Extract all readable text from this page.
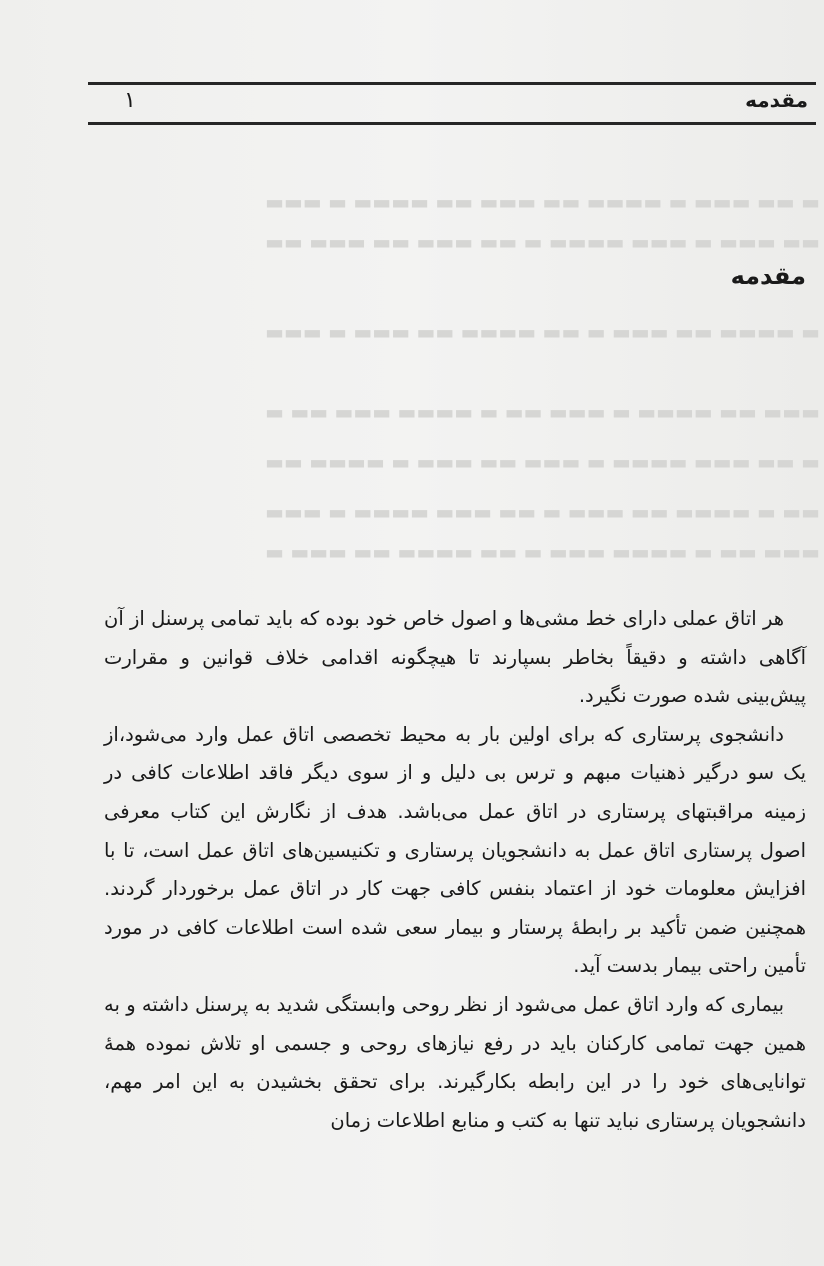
مقدمه
۱
▬ ▬▬ ▬▬▬ ▬ ▬▬▬▬ ▬▬ ▬▬▬ ▬▬ ▬▬▬▬ ▬ ▬▬▬
▬▬ ▬▬▬ ▬ ▬▬▬ ▬▬▬▬ ▬ ▬▬ ▬▬▬ ▬▬ ▬▬▬ ▬▬
▬ ▬▬▬▬ ▬▬ ▬▬▬ ▬ ▬▬ ▬▬▬▬ ▬▬ ▬▬▬ ▬ ▬▬▬
▬▬▬ ▬▬ ▬▬▬▬ ▬ ▬▬▬ ▬▬ ▬ ▬▬▬▬ ▬▬▬ ▬▬ ▬
▬ ▬▬ ▬▬▬ ▬▬▬▬ ▬ ▬▬▬ ▬▬ ▬▬▬ ▬ ▬▬▬▬ ▬▬
▬▬ ▬ ▬▬▬▬ ▬▬ ▬▬▬ ▬ ▬▬ ▬▬▬ ▬▬▬▬ ▬ ▬▬▬
▬▬▬ ▬▬ ▬ ▬▬▬▬ ▬▬▬ ▬ ▬▬ ▬▬▬▬ ▬▬ ▬▬▬ ▬
مقدمه

هر اتاق عملی دارای خط مشی‌ها و اصول خاص خود بوده که باید تمامی پرسنل از آن آگاهی داشته و دقیقاً بخاطر بسپارند تا هیچگونه اقدامی خلاف قوانین و مقرارت پیش‌بینی شده صورت نگیرد.

دانشجوی پرستاری که برای اولین بار به محیط تخصصی اتاق عمل وارد می‌شود،از یک سو درگیر ذهنیات مبهم و ترس بی دلیل و از سوی دیگر فاقد اطلاعات کافی در زمینه مراقبتهای پرستاری در اتاق عمل می‌باشد. هدف از نگارش این کتاب معرفی اصول پرستاری اتاق عمل به دانشجویان پرستاری و تکنیسین‌های اتاق عمل است، تا با افزایش معلومات خود از اعتماد بنفس کافی جهت کار در اتاق عمل برخوردار گردند. همچنین ضمن تأکید بر رابطهٔ پرستار و بیمار سعی شده است اطلاعات کافی در مورد تأمین راحتی بیمار بدست آید.

بیماری که وارد اتاق عمل می‌شود از نظر روحی وابستگی شدید به پرسنل داشته و به همین جهت تمامی کارکنان باید در رفع نیازهای روحی و جسمی او تلاش نموده همهٔ توانایی‌های خود را در این رابطه بکارگیرند. برای تحقق بخشیدن به این امر مهم، دانشجویان پرستاری نباید تنها به کتب و منابع اطلاعات زمان
